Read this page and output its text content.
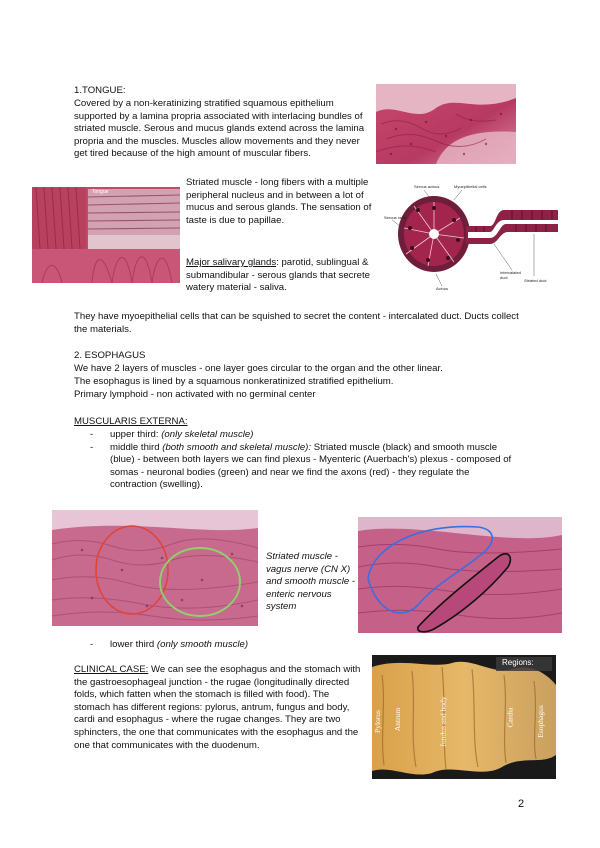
1.TONGUE:

Covered by a non-keratinizing stratified squamous epithelium supported by a lamina propria associated with interlacing bundles of striated muscle. Serous and mucus glands extend across the lamina propria and the muscles. Muscles allow movements and they never get tired because of the high amount of muscular fibers.

Tongue

Striated muscle - long fibers with a multiple peripheral nucleus and in between a lot of mucus and serous glands. The sensation of taste is due to papillae.

Major salivary glands: parotid, sublingual & submandibular - serous glands that secrete watery material - saliva.

Serous acinus	Myoepithelial cells
Serous cells
Intercalated duct
Striated duct
Acinus

They have myoepithelial cells that can be squished to secret the content - intercalated duct. Ducts collect the materials.

2. ESOPHAGUS

We have 2 layers of muscles - one layer goes circular to the organ and the other linear.

The esophagus is lined by a squamous nonkeratinized stratified epithelium.

Primary lymphoid - non activated with no germinal center

MUSCULARIS EXTERNA:

- upper third: (only skeletal muscle)
- middle third (both smooth and skeletal muscle): Striated muscle (black) and smooth muscle (blue) - between both layers we can find plexus - Myenteric (Auerbach's) plexus - composed of somas - neuronal bodies (green) and near we find the axons (red) - they regulate the contraction (swelling).

Striated muscle - vagus nerve (CN X) and smooth muscle - enteric nervous system

- lower third (only smooth muscle)

CLINICAL CASE: We can see the esophagus and the stomach with the gastroesophageal junction - the rugae (longitudinally directed folds, which fatten when the stomach is filled with food). The stomach has different regions: pylorus, antrum, fungus and body, cardi and esophagus - where the rugae changes. They are two sphincters, the one that communicates with the esophagus and the one that communicates with the duodenum.

Regions:
Pylorus Antrum	fundus and body	Cardia	Esophagus

2
